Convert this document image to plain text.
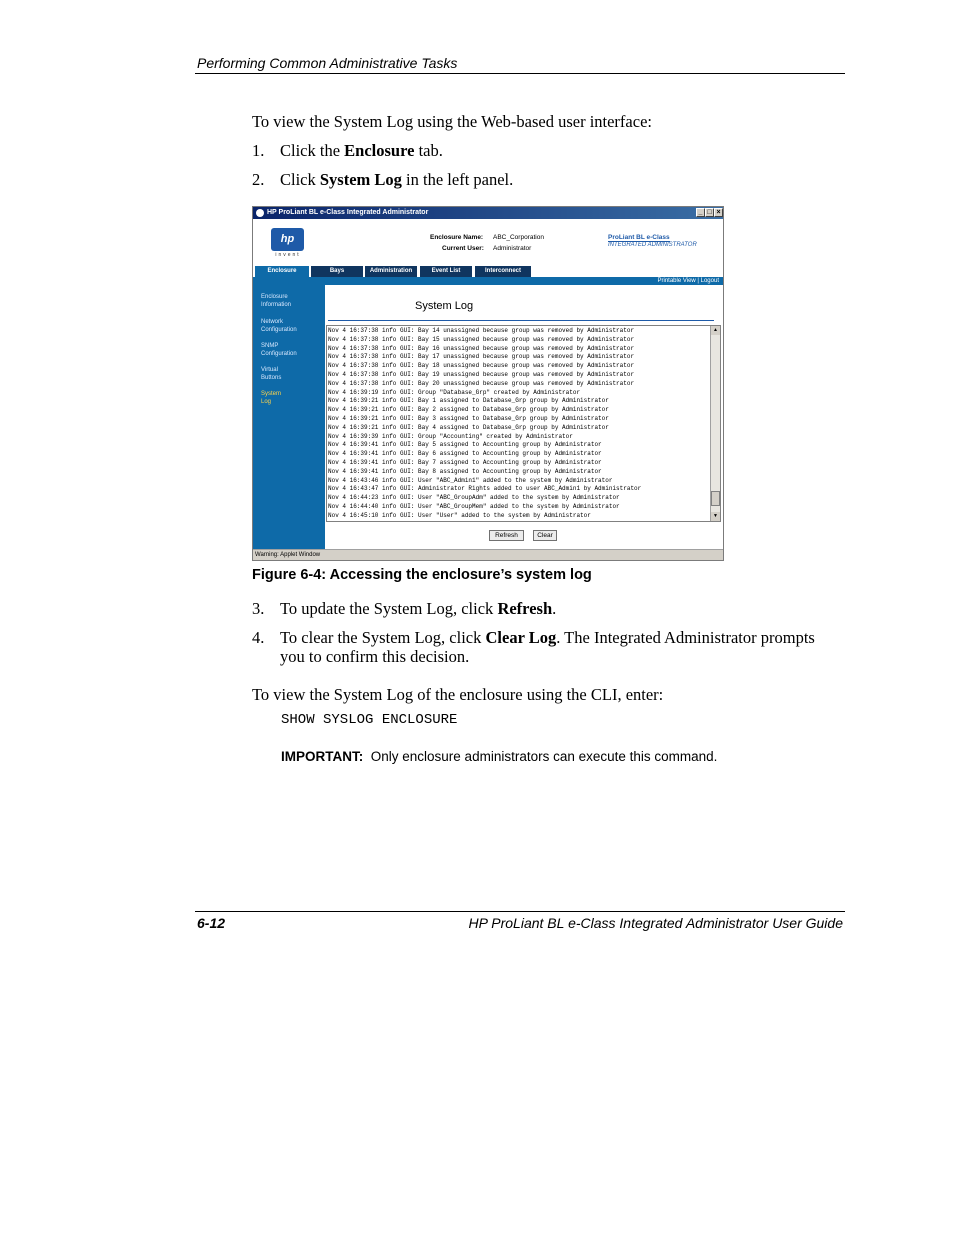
Performing Common Administrative Tasks
To view the System Log using the Web-based user interface:
1. Click the Enclosure tab.
2. Click System Log in the left panel.
HP ProLiant BL e-Class Integrated Administrator	_ □ ×
hp
invent
Enclosure Name: ABC_Corporation
Current User: Administrator
ProLiant BL e-Class
INTEGRATED ADMINISTRATOR
Enclosure	Bays	Administration	Event List	Interconnect
Printable View | Logout
Enclosure
Information
Network
Configuration
SNMP
Configuration
Virtual
Buttons
System
Log
System Log
Nov 4 16:37:38 info GUI: Bay 14 unassigned because group was removed by Administrator
Nov 4 16:37:38 info GUI: Bay 15 unassigned because group was removed by Administrator
Nov 4 16:37:38 info GUI: Bay 16 unassigned because group was removed by Administrator
Nov 4 16:37:38 info GUI: Bay 17 unassigned because group was removed by Administrator
Nov 4 16:37:38 info GUI: Bay 18 unassigned because group was removed by Administrator
Nov 4 16:37:38 info GUI: Bay 19 unassigned because group was removed by Administrator
Nov 4 16:37:38 info GUI: Bay 20 unassigned because group was removed by Administrator
Nov 4 16:39:19 info GUI: Group "Database_Grp" created by Administrator
Nov 4 16:39:21 info GUI: Bay 1 assigned to Database_Grp group by Administrator
Nov 4 16:39:21 info GUI: Bay 2 assigned to Database_Grp group by Administrator
Nov 4 16:39:21 info GUI: Bay 3 assigned to Database_Grp group by Administrator
Nov 4 16:39:21 info GUI: Bay 4 assigned to Database_Grp group by Administrator
Nov 4 16:39:39 info GUI: Group "Accounting" created by Administrator
Nov 4 16:39:41 info GUI: Bay 5 assigned to Accounting group by Administrator
Nov 4 16:39:41 info GUI: Bay 6 assigned to Accounting group by Administrator
Nov 4 16:39:41 info GUI: Bay 7 assigned to Accounting group by Administrator
Nov 4 16:39:41 info GUI: Bay 8 assigned to Accounting group by Administrator
Nov 4 16:43:46 info GUI: User "ABC_Admin1" added to the system by Administrator
Nov 4 16:43:47 info GUI: Administrator Rights added to user ABC_Admin1 by Administrator
Nov 4 16:44:23 info GUI: User "ABC_GroupAdm" added to the system by Administrator
Nov 4 16:44:40 info GUI: User "ABC_GroupMem" added to the system by Administrator
Nov 4 16:45:10 info GUI: User "User" added to the system by Administrator
▲
▼
Refresh	Clear
Warning: Applet Window
Figure 6-4: Accessing the enclosure’s system log
3. To update the System Log, click Refresh.
4. To clear the System Log, click Clear Log. The Integrated Administrator prompts
you to confirm this decision.
To view the System Log of the enclosure using the CLI, enter:
SHOW SYSLOG ENCLOSURE
IMPORTANT: Only enclosure administrators can execute this command.
6-12	HP ProLiant BL e-Class Integrated Administrator User Guide
